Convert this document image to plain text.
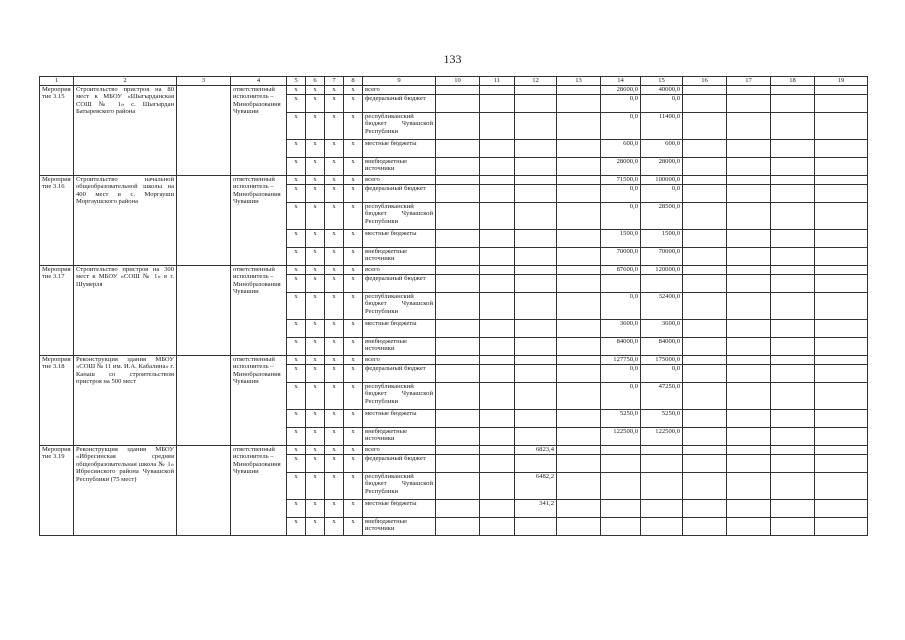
133
1	2	3	4	5	6	7	8	9	10	11	12	13	14	15	16	17	18	19
Мероприятие 3.15	Строительство пристроя на 80 мест к МБОУ «Шыгырданская СОШ № 1» с. Шыгырдан Батыревского района		ответственный исполнитель – Минобразования Чувашии	x	x	x	x	всего					28600,0	40000,0				
				x	x	x	x	федеральный бюджет					0,0	0,0				
				x	x	x	x	республиканский бюджет Чувашской Республики					0,0	11400,0				
				x	x	x	x	местные бюджеты					600,0	600,0				
				x	x	x	x	внебюджетные источники					28000,0	28000,0				
Мероприятие 3.16	Строительство начальной общеобразовательной школы на 400 мест в с. Моргауши Моргаушского района		ответственный исполнитель – Минобразования Чувашии	x	x	x	x	всего					71500,0	100000,0				
				x	x	x	x	федеральный бюджет					0,0	0,0				
				x	x	x	x	республиканский бюджет Чувашской Республики					0,0	28500,0				
				x	x	x	x	местные бюджеты					1500,0	1500,0				
				x	x	x	x	внебюджетные источники					70000,0	70000,0				
Мероприятие 3.17	Строительство пристроя на 300 мест к МБОУ «СОШ № 1» в г. Шумерля		ответственный исполнитель – Минобразования Чувашии	x	x	x	x	всего					87600,0	120000,0				
				x	x	x	x	федеральный бюджет										
				x	x	x	x	республиканский бюджет Чувашской Республики					0,0	32400,0				
				x	x	x	x	местные бюджеты					3600,0	3600,0				
				x	x	x	x	внебюджетные источники					84000,0	84000,0				
Мероприятие 3.18	Реконструкция здания МБОУ «СОШ № 11 им. И.А. Кабалина» г. Канаш со строительством пристроя на 500 мест		ответственный исполнитель – Минобразования Чувашии	x	x	x	x	всего					127750,0	175000,0				
				x	x	x	x	федеральный бюджет					0,0	0,0				
				x	x	x	x	республиканский бюджет Чувашской Республики					0,0	47250,0				
				x	x	x	x	местные бюджеты					5250,0	5250,0				
				x	x	x	x	внебюджетные источники					122500,0	122500,0				
Мероприятие 3.19	Реконструкция здания МБОУ «Ибресинская средняя общеобразовательная школа № 1» Ибресинского района Чувашской Республики (75 мест)		ответственный исполнитель – Минобразования Чувашии	x	x	x	x	всего			6823,4							
				x	x	x	x	федеральный бюджет										
				x	x	x	x	республиканский бюджет Чувашской Республики			6482,2							
				x	x	x	x	местные бюджеты			341,2							
				x	x	x	x	внебюджетные источники										
